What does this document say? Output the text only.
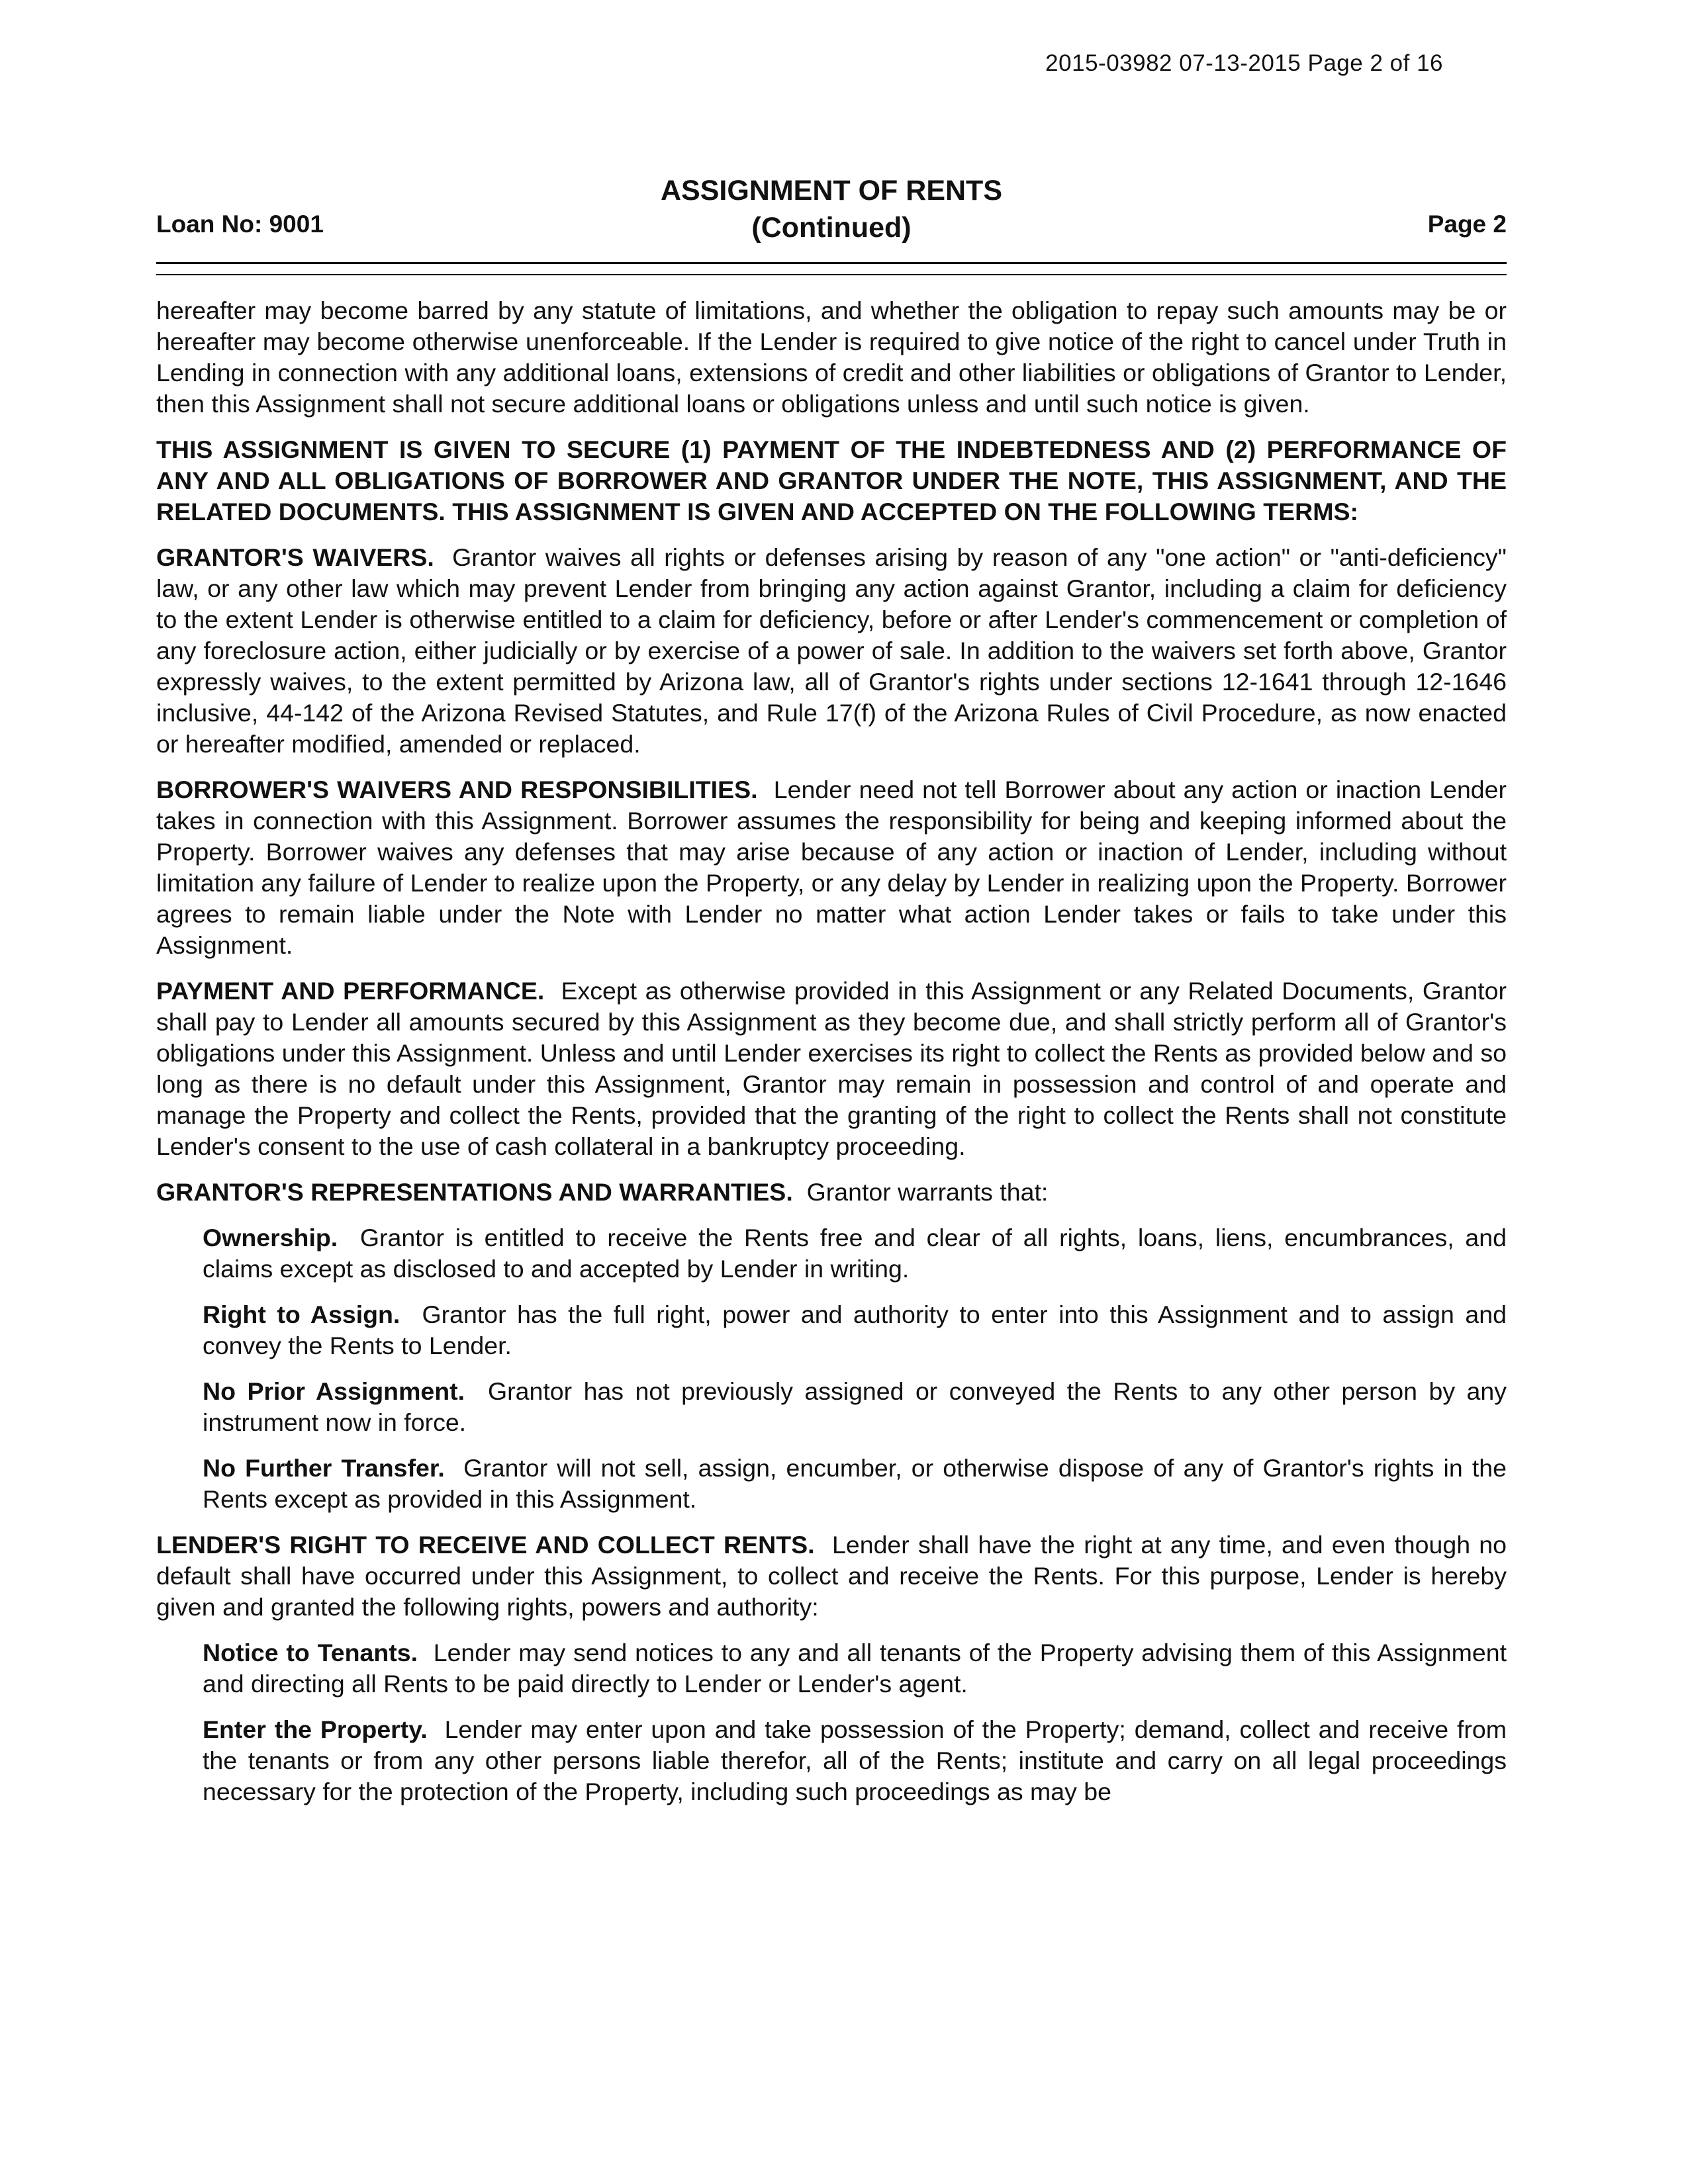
2015-03982 07-13-2015 Page 2 of 16
Loan No: 9001
ASSIGNMENT OF RENTS
(Continued)	Page 2

hereafter may become barred by any statute of limitations, and whether the obligation to repay such amounts may be or hereafter may become otherwise unenforceable. If the Lender is required to give notice of the right to cancel under Truth in Lending in connection with any additional loans, extensions of credit and other liabilities or obligations of Grantor to Lender, then this Assignment shall not secure additional loans or obligations unless and until such notice is given.

THIS ASSIGNMENT IS GIVEN TO SECURE (1) PAYMENT OF THE INDEBTEDNESS AND (2) PERFORMANCE OF ANY AND ALL OBLIGATIONS OF BORROWER AND GRANTOR UNDER THE NOTE, THIS ASSIGNMENT, AND THE RELATED DOCUMENTS. THIS ASSIGNMENT IS GIVEN AND ACCEPTED ON THE FOLLOWING TERMS:

GRANTOR'S WAIVERS. Grantor waives all rights or defenses arising by reason of any "one action" or "anti-deficiency" law, or any other law which may prevent Lender from bringing any action against Grantor, including a claim for deficiency to the extent Lender is otherwise entitled to a claim for deficiency, before or after Lender's commencement or completion of any foreclosure action, either judicially or by exercise of a power of sale. In addition to the waivers set forth above, Grantor expressly waives, to the extent permitted by Arizona law, all of Grantor's rights under sections 12-1641 through 12-1646 inclusive, 44-142 of the Arizona Revised Statutes, and Rule 17(f) of the Arizona Rules of Civil Procedure, as now enacted or hereafter modified, amended or replaced.

BORROWER'S WAIVERS AND RESPONSIBILITIES. Lender need not tell Borrower about any action or inaction Lender takes in connection with this Assignment. Borrower assumes the responsibility for being and keeping informed about the Property. Borrower waives any defenses that may arise because of any action or inaction of Lender, including without limitation any failure of Lender to realize upon the Property, or any delay by Lender in realizing upon the Property. Borrower agrees to remain liable under the Note with Lender no matter what action Lender takes or fails to take under this Assignment.

PAYMENT AND PERFORMANCE. Except as otherwise provided in this Assignment or any Related Documents, Grantor shall pay to Lender all amounts secured by this Assignment as they become due, and shall strictly perform all of Grantor's obligations under this Assignment. Unless and until Lender exercises its right to collect the Rents as provided below and so long as there is no default under this Assignment, Grantor may remain in possession and control of and operate and manage the Property and collect the Rents, provided that the granting of the right to collect the Rents shall not constitute Lender's consent to the use of cash collateral in a bankruptcy proceeding.

GRANTOR'S REPRESENTATIONS AND WARRANTIES. Grantor warrants that:

Ownership. Grantor is entitled to receive the Rents free and clear of all rights, loans, liens, encumbrances, and claims except as disclosed to and accepted by Lender in writing.

Right to Assign. Grantor has the full right, power and authority to enter into this Assignment and to assign and convey the Rents to Lender.

No Prior Assignment. Grantor has not previously assigned or conveyed the Rents to any other person by any instrument now in force.

No Further Transfer. Grantor will not sell, assign, encumber, or otherwise dispose of any of Grantor's rights in the Rents except as provided in this Assignment.

LENDER'S RIGHT TO RECEIVE AND COLLECT RENTS. Lender shall have the right at any time, and even though no default shall have occurred under this Assignment, to collect and receive the Rents. For this purpose, Lender is hereby given and granted the following rights, powers and authority:

Notice to Tenants. Lender may send notices to any and all tenants of the Property advising them of this Assignment and directing all Rents to be paid directly to Lender or Lender's agent.

Enter the Property. Lender may enter upon and take possession of the Property; demand, collect and receive from the tenants or from any other persons liable therefor, all of the Rents; institute and carry on all legal proceedings necessary for the protection of the Property, including such proceedings as may be
